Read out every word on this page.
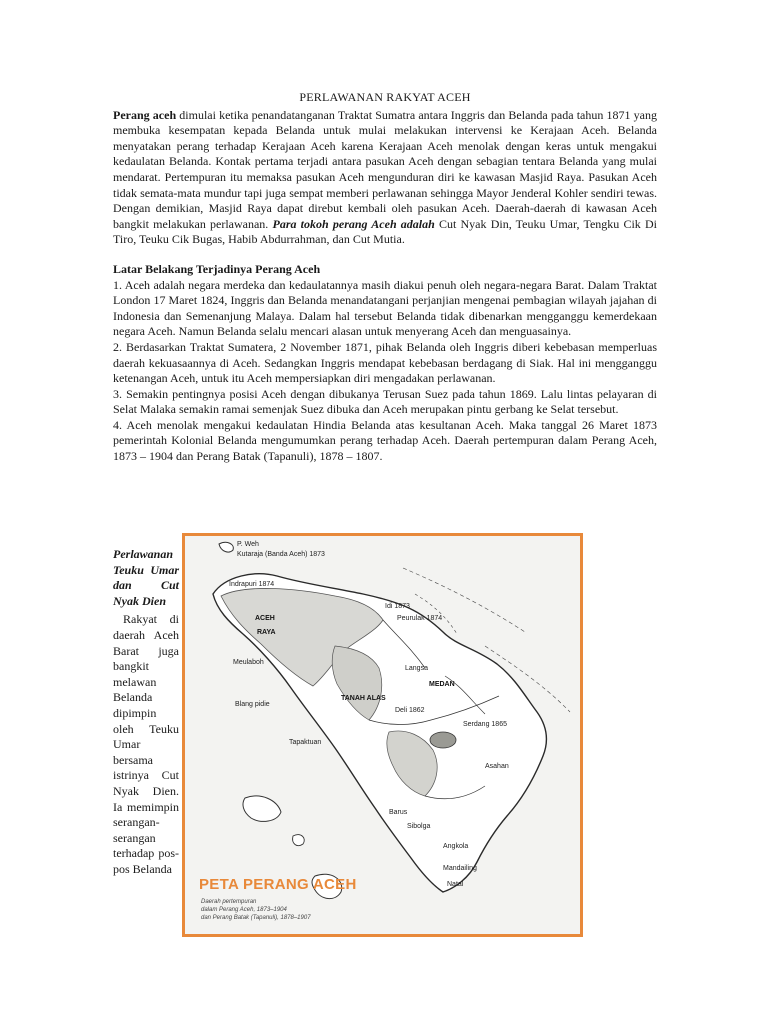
PERLAWANAN RAKYAT ACEH

Perang aceh dimulai ketika penandatanganan Traktat Sumatra antara Inggris dan Belanda pada tahun 1871 yang membuka kesempatan kepada Belanda untuk mulai melakukan intervensi ke Kerajaan Aceh. Belanda menyatakan perang terhadap Kerajaan Aceh karena Kerajaan Aceh menolak dengan keras untuk mengakui kedaulatan Belanda. Kontak pertama terjadi antara pasukan Aceh dengan sebagian tentara Belanda yang mulai mendarat. Pertempuran itu memaksa pasukan Aceh mengunduran diri ke kawasan Masjid Raya. Pasukan Aceh tidak semata-mata mundur tapi juga sempat memberi perlawanan sehingga Mayor Jenderal Kohler sendiri tewas. Dengan demikian, Masjid Raya dapat direbut kembali oleh pasukan Aceh. Daerah-daerah di kawasan Aceh bangkit melakukan perlawanan. Para tokoh perang Aceh adalah Cut Nyak Din, Teuku Umar, Tengku Cik Di Tiro, Teuku Cik Bugas, Habib Abdurrahman, dan Cut Mutia.

Latar Belakang Terjadinya Perang Aceh

1. Aceh adalah negara merdeka dan kedaulatannya masih diakui penuh oleh negara-negara Barat. Dalam Traktat London 17 Maret 1824, Inggris dan Belanda menandatangani perjanjian mengenai pembagian wilayah jajahan di Indonesia dan Semenanjung Malaya. Dalam hal tersebut Belanda tidak dibenarkan mengganggu kemerdekaan negara Aceh. Namun Belanda selalu mencari alasan untuk menyerang Aceh dan menguasainya.

2. Berdasarkan Traktat Sumatera, 2 November 1871, pihak Belanda oleh Inggris diberi kebebasan memperluas daerah kekuasaannya di Aceh. Sedangkan Inggris mendapat kebebasan berdagang di Siak. Hal ini mengganggu ketenangan Aceh, untuk itu Aceh mempersiapkan diri mengadakan perlawanan.

3. Semakin pentingnya posisi Aceh dengan dibukanya Terusan Suez pada tahun 1869. Lalu lintas pelayaran di Selat Malaka semakin ramai semenjak Suez dibuka dan Aceh merupakan pintu gerbang ke Selat tersebut.

4. Aceh menolak mengakui kedaulatan Hindia Belanda atas kesultanan Aceh. Maka tanggal 26 Maret 1873 pemerintah Kolonial Belanda mengumumkan perang terhadap Aceh. Daerah pertempuran dalam Perang Aceh, 1873 – 1904 dan Perang Batak (Tapanuli), 1878 – 1807.

Perlawanan Teuku Umar dan Cut Nyak Dien

Rakyat di daerah Aceh Barat juga bangkit melawan Belanda dipimpin oleh Teuku Umar bersama istrinya Cut Nyak Dien. Ia memimpin serangan-serangan terhadap pos-pos Belanda

P. Weh
Kutaraja (Banda Aceh) 1873
Indrapuri 1874
ACEH
RAYA
Idi 1873
Peurulak 1874
Meulaboh
Langsa
Blang pidie
Tapaktuan
MEDAN
Serdang 1865
Asahan
TANAH ALAS
Deli 1862
Sibolga
Barus
Angkola
Mandailing
Natal
PETA PERANG ACEH
Daerah pertempuran
dalam Perang Aceh, 1873–1904
dan Perang Batak (Tapanuli), 1878–1907
